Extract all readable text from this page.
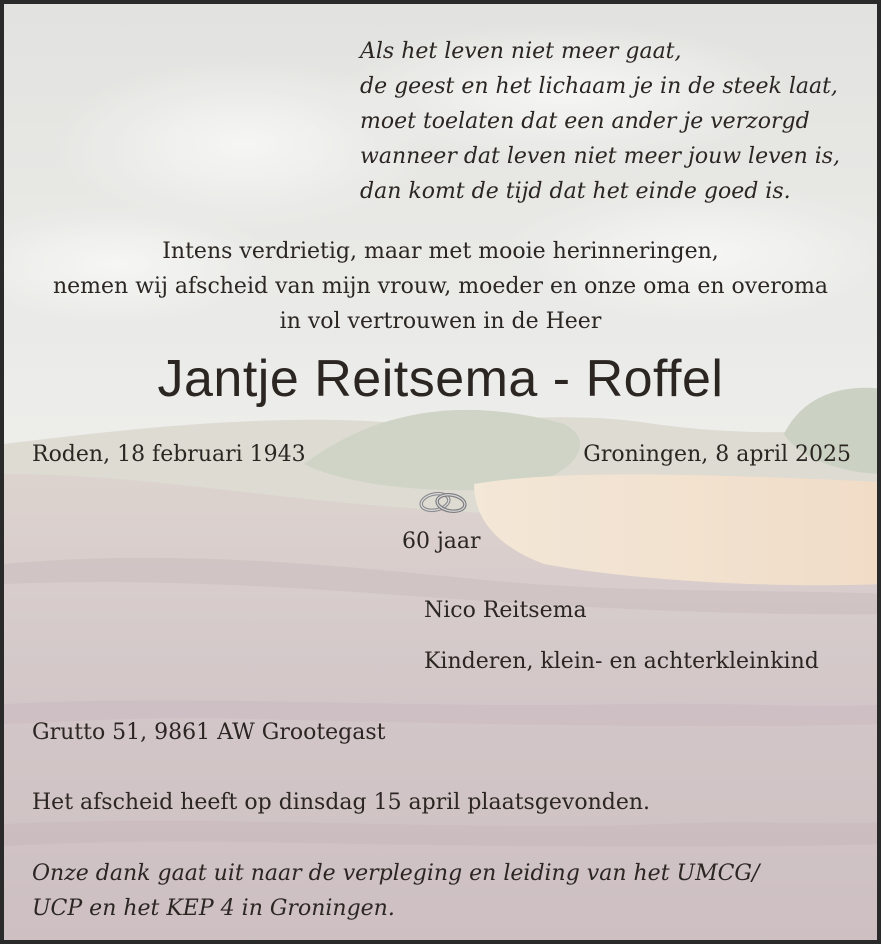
Als het leven niet meer gaat,
de geest en het lichaam je in de steek laat,
moet toelaten dat een ander je verzorgd
wanneer dat leven niet meer jouw leven is,
dan komt de tijd dat het einde goed is.
Intens verdrietig, maar met mooie herinneringen,
nemen wij afscheid van mijn vrouw, moeder en onze oma en overoma
in vol vertrouwen in de Heer
Jantje Reitsema - Roffel
Roden, 18 februari 1943	Groningen, 8 april 2025
60 jaar
Nico Reitsema
Kinderen, klein- en achterkleinkind
Grutto 51, 9861 AW Grootegast
Het afscheid heeft op dinsdag 15 april plaatsgevonden.
Onze dank gaat uit naar de verpleging en leiding van het UMCG/
UCP en het KEP 4 in Groningen.
